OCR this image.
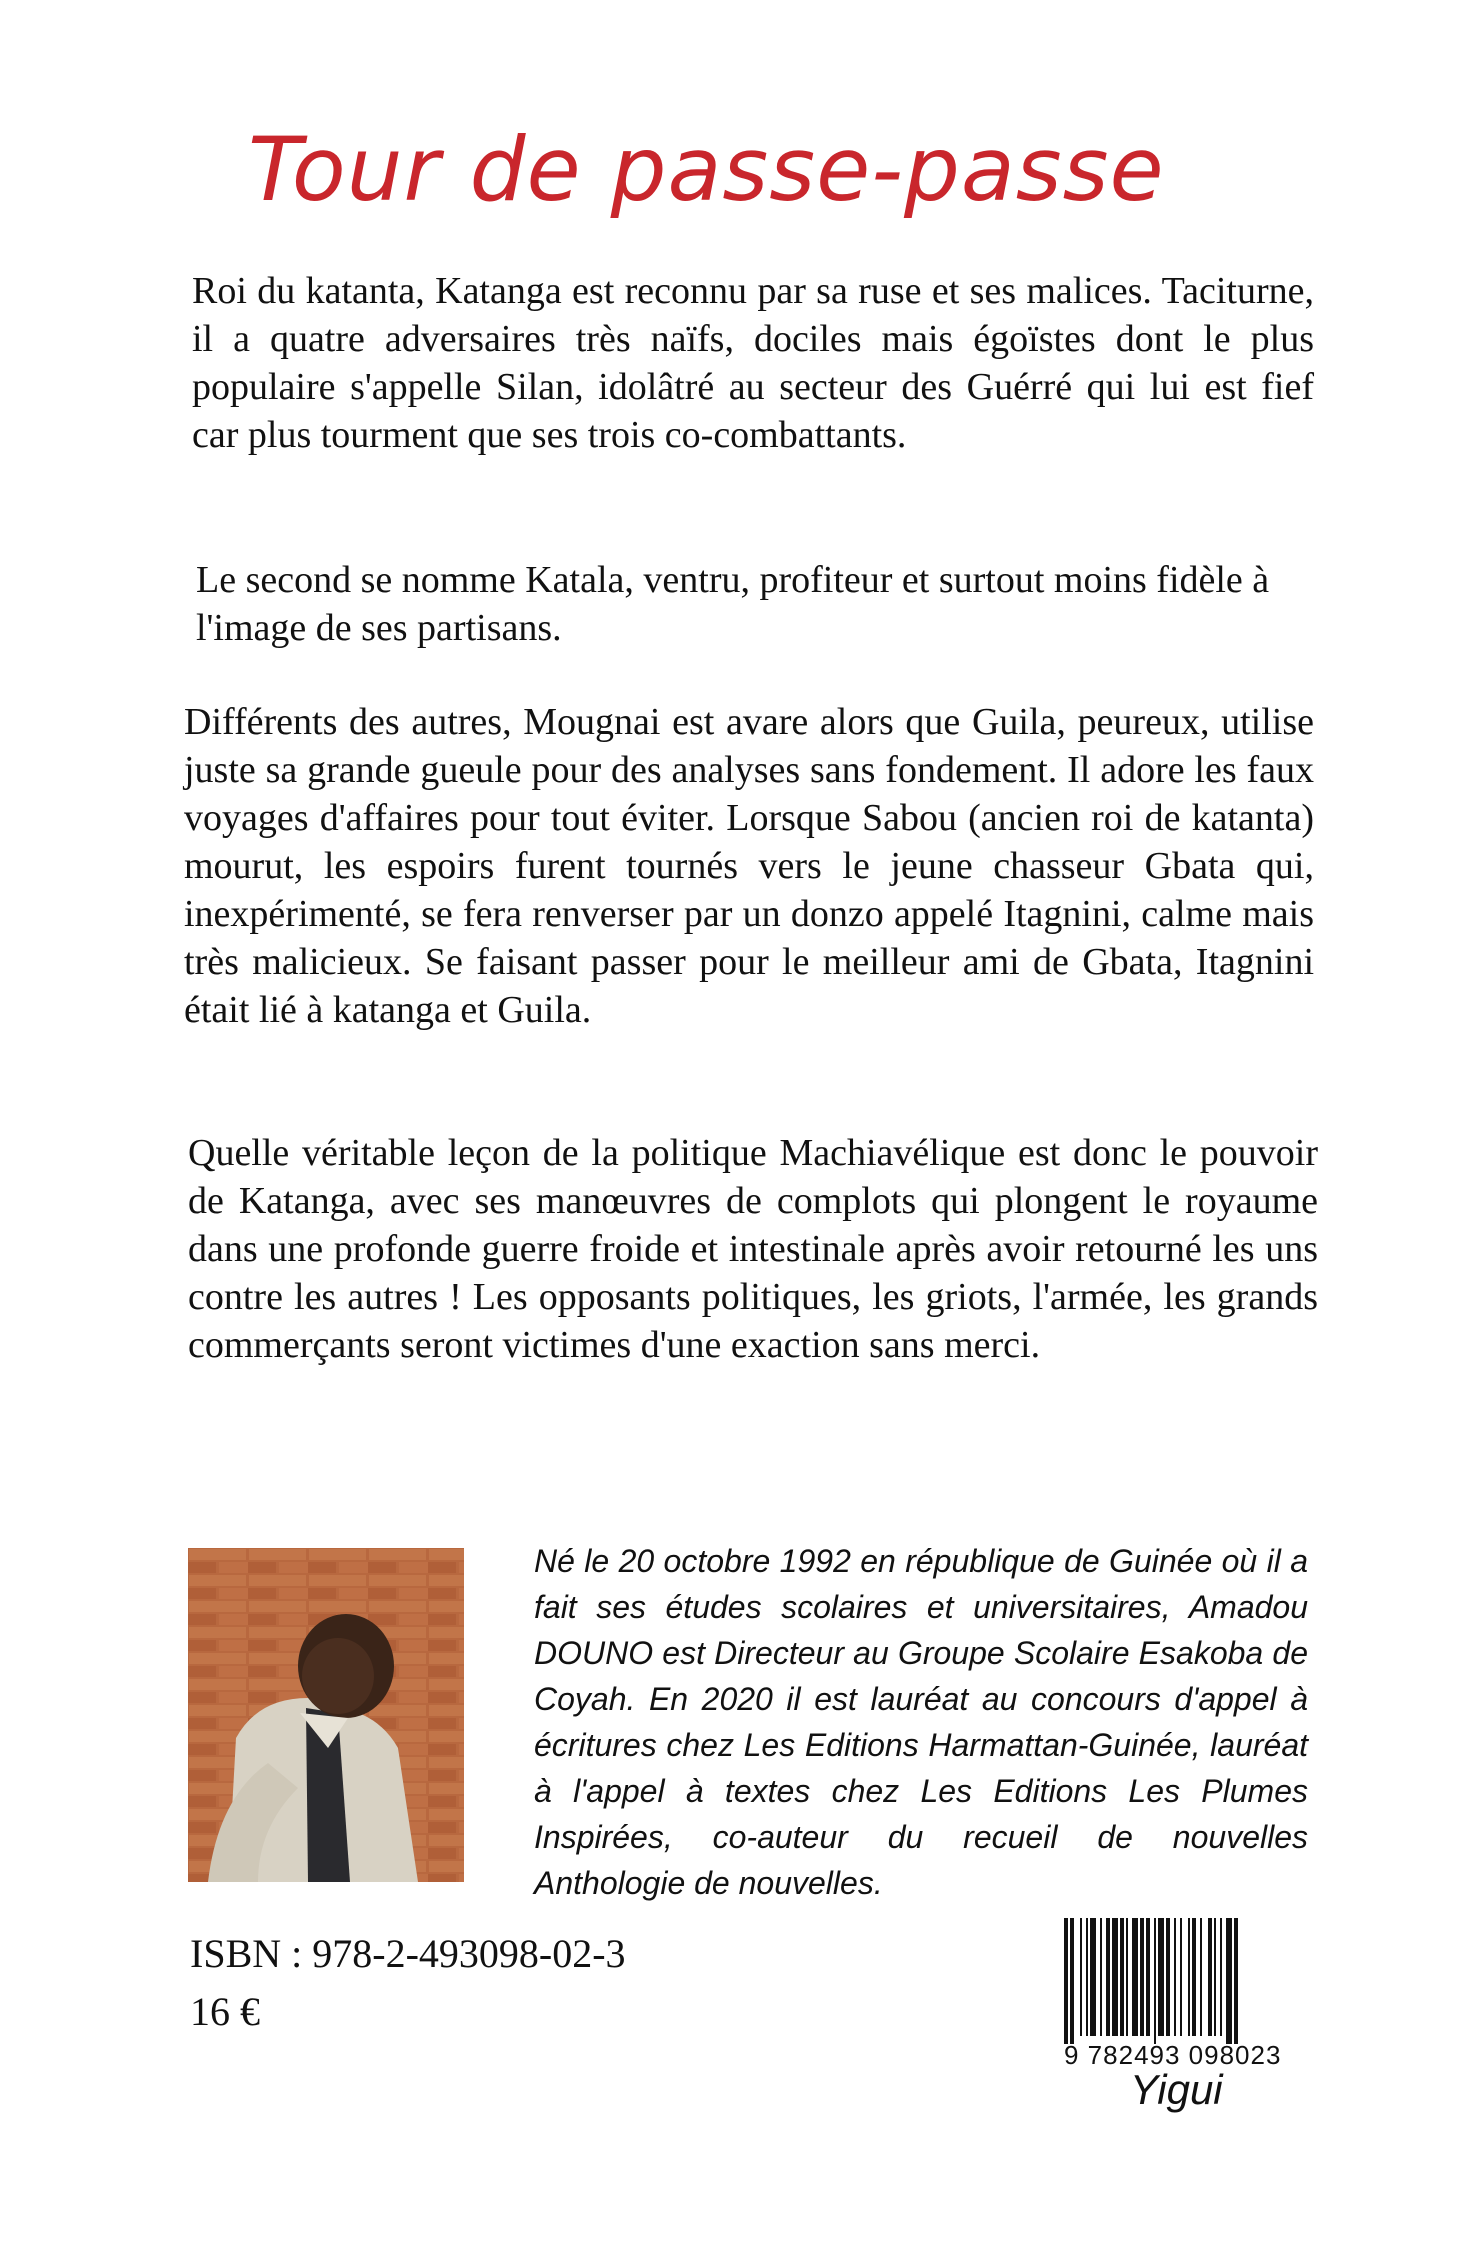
Tour de passe-passe

Roi du katanta, Katanga est reconnu par sa ruse et ses malices. Taciturne, il a quatre adversaires très naïfs, dociles mais égoïstes dont le plus populaire s'appelle Silan, idolâtré au secteur des Guérré qui lui est fief car plus tourment que ses trois co-combattants.

Le second se nomme Katala, ventru, profiteur et surtout moins fidèle à l'image de ses partisans.

Différents des autres, Mougnai est avare alors que Guila, peureux, utilise juste sa grande gueule pour des analyses sans fondement. Il adore les faux voyages d'affaires pour tout éviter. Lorsque Sabou (ancien roi de katanta) mourut, les espoirs furent tournés vers le jeune chasseur Gbata qui, inexpérimenté, se fera renverser par un donzo appelé Itagnini, calme mais très malicieux. Se faisant passer pour le meilleur ami de Gbata, Itagnini était lié à katanga et Guila.

Quelle véritable leçon de la politique Machiavélique est donc le pouvoir de Katanga, avec ses manœuvres de complots qui plongent le royaume dans une profonde guerre froide et intestinale après avoir retourné les uns contre les autres ! Les opposants politiques, les griots, l'armée, les grands commerçants seront victimes d'une exaction sans merci.

Né le 20 octobre 1992 en république de Guinée où il a fait ses études scolaires et universitaires, Amadou DOUNO est Directeur au Groupe Scolaire Esakoba de Coyah. En 2020 il est lauréat au concours d'appel à écritures chez Les Editions Harmattan-Guinée, lauréat à l'appel à textes chez Les Editions Les Plumes Inspirées, co-auteur du recueil de nouvelles Anthologie de nouvelles.

ISBN : 978-2-493098-02-3
16 €
9 782493 098023
Yigui
